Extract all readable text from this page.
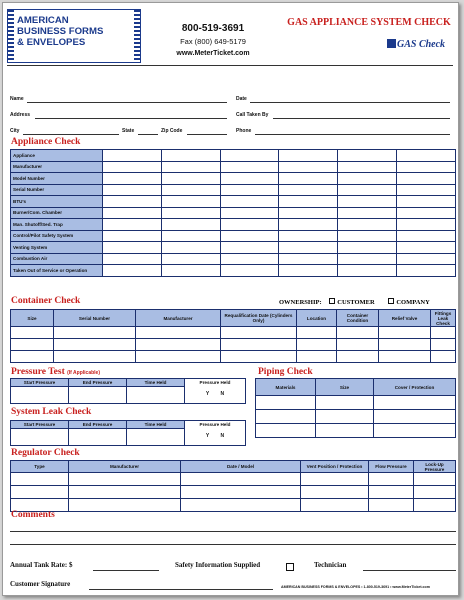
AMERICAN
BUSINESS FORMS
& ENVELOPES
800-519-3691
Fax (800) 649-5179
www.MeterTicket.com
GAS APPLIANCE SYSTEM CHECK
GAS Check
Name	Date
Address	Call Taken By
City	State	Zip Code	Phone
Appliance Check
Appliance						
Manufacturer						
Model Number						
Serial Number						
BTU's						
Burner/Com. Chamber						
Man. Shutoff/Sed. Trap						
Control/Pilot Safety System						
Venting System						
Combustion Air						
Taken Out of Service or Operation						
Container Check	OWNERSHIP: CUSTOMER	COMPANY
Size	Serial Number	Manufacturer	Requalification Date (Cylinders Only)	Location	Container Condition	Relief Valve	Fittings Leak Check

Pressure Test (If Applicable)
Start Pressure	End Pressure	Time Held	Pressure Held
Y N

System Leak Check
Start Pressure	End Pressure	Time Held	Pressure Held
Y N

Piping Check
Materials	Size	Cover / Protection

Regulator Check
Type	Manufacturer	Date / Model	Vent Position / Protection	Flow Pressure	Lock-Up Pressure

Comments
Annual Tank Rate: $	Safety Information Supplied	Technician
Customer Signature	AMERICAN BUSINESS FORMS & ENVELOPES • 1-800-519-3691 • www.MeterTicket.com
